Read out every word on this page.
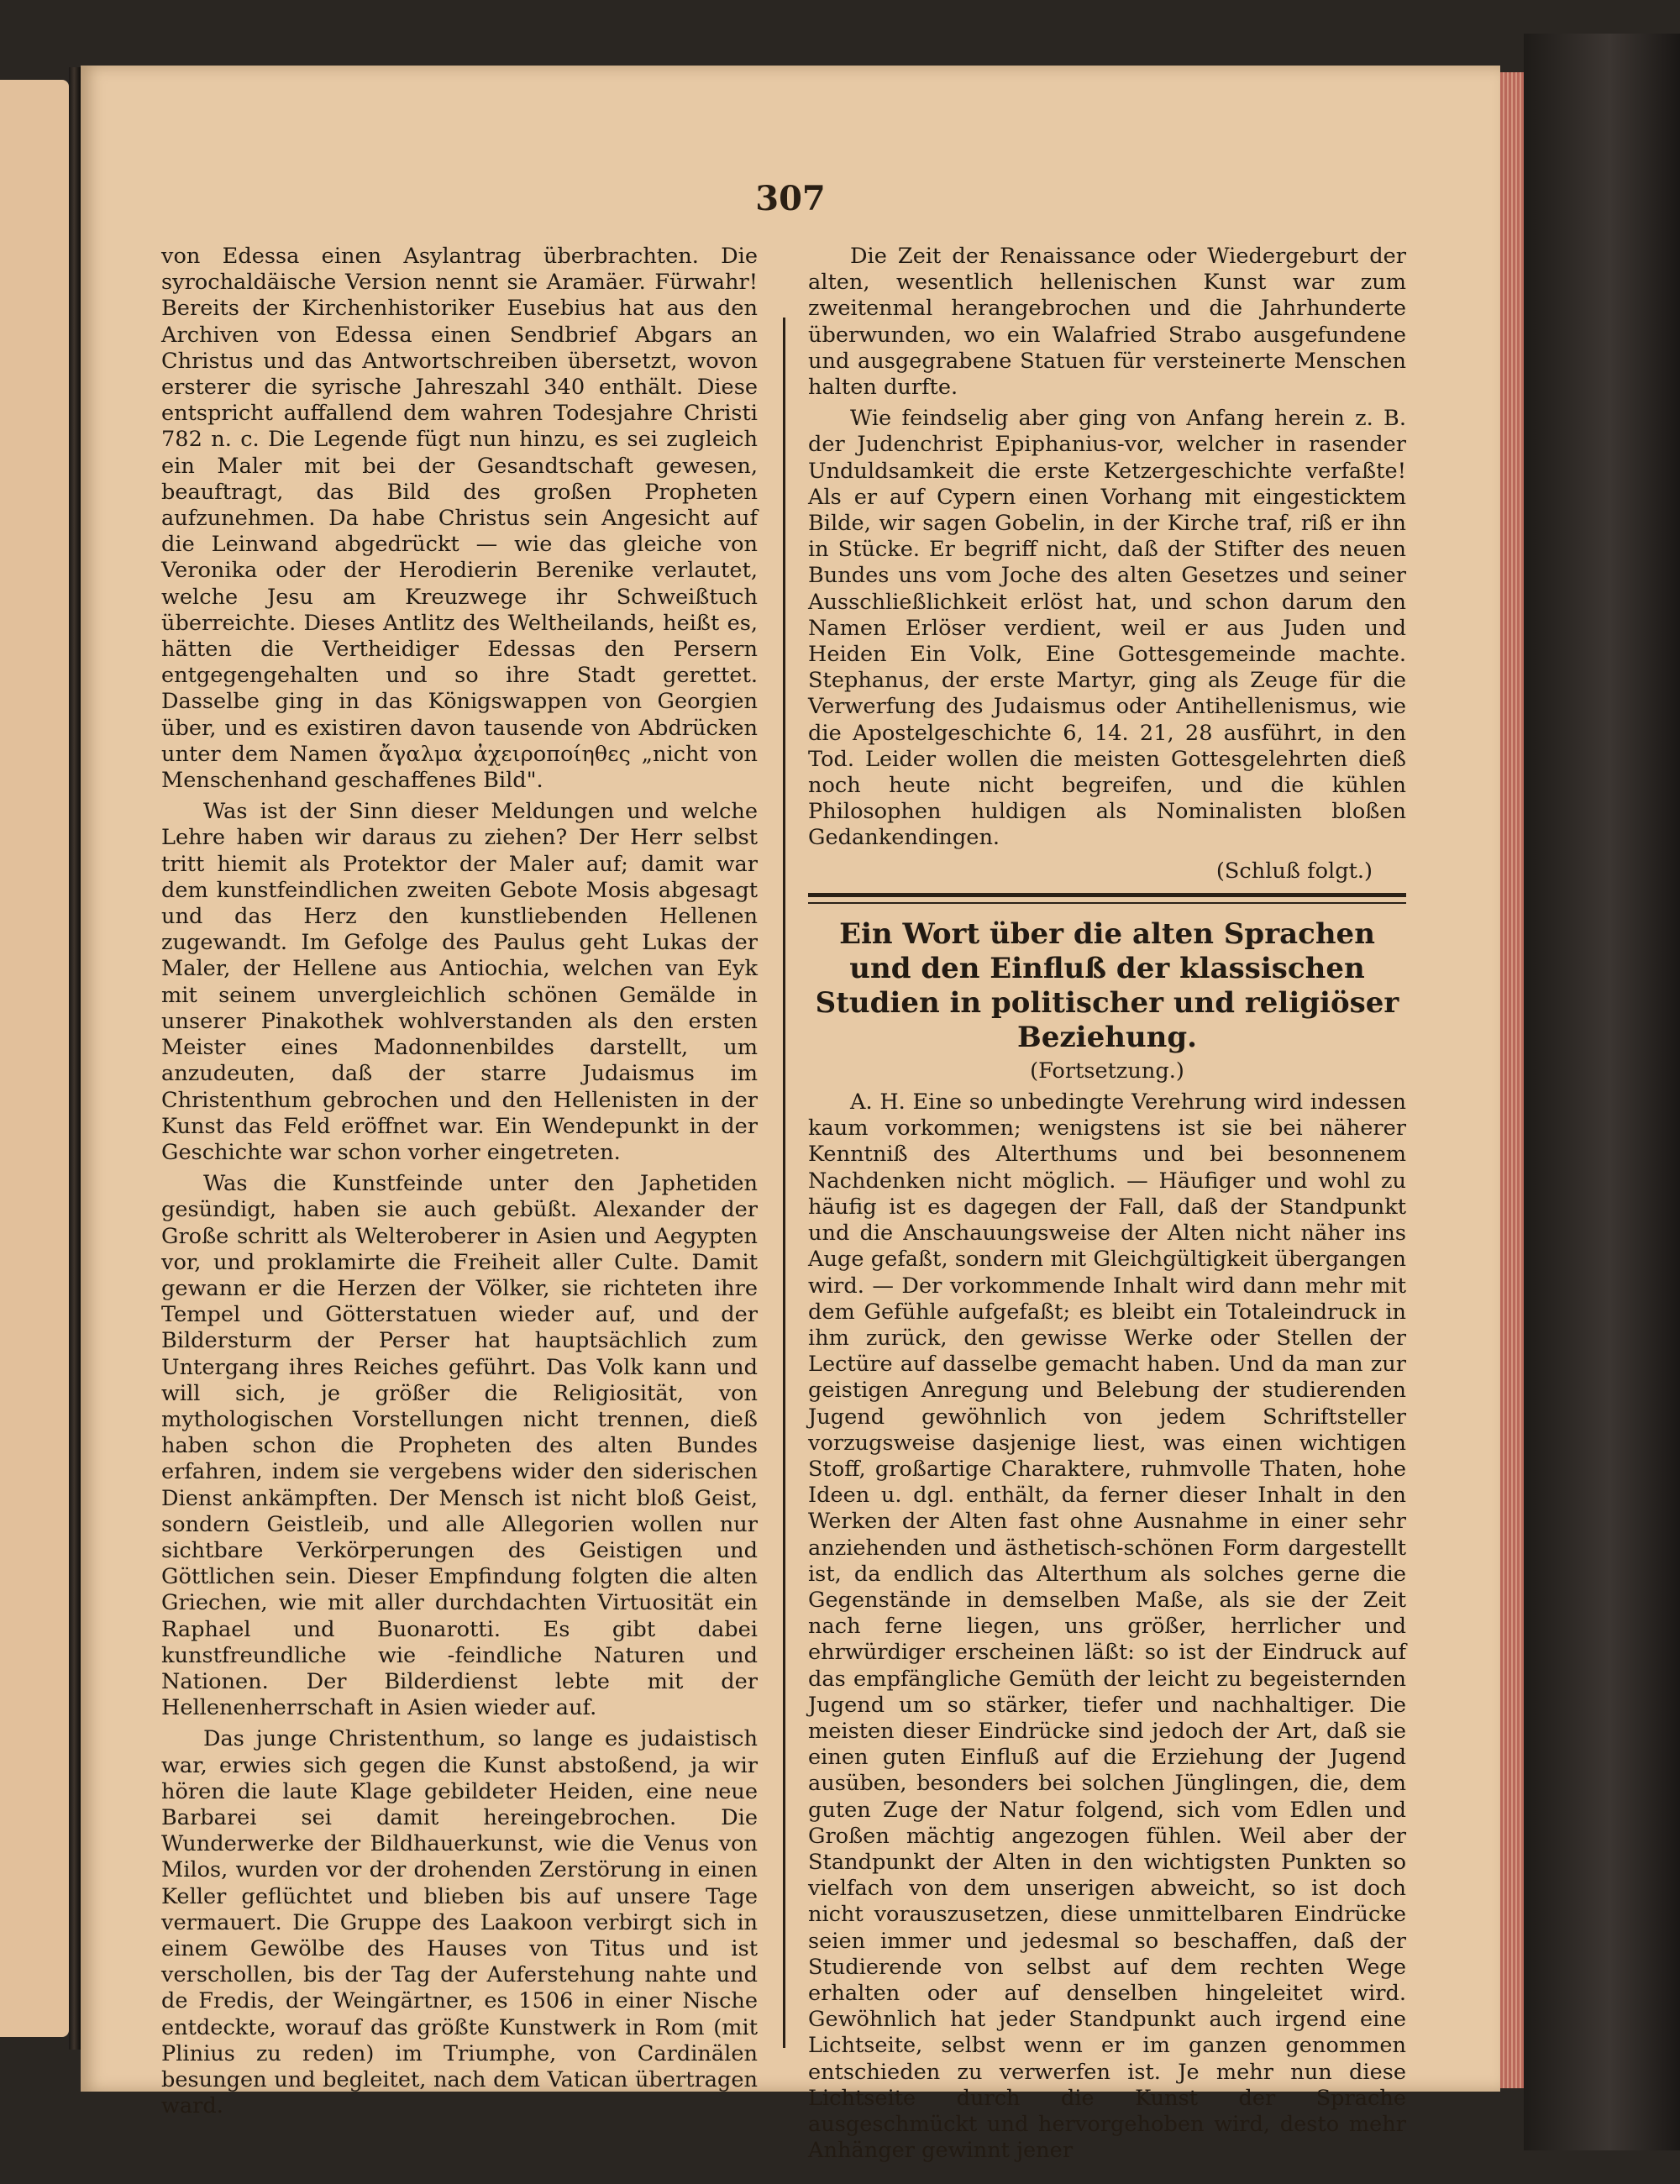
307

von Edessa einen Asylantrag überbrachten. Die syrochaldäische Version nennt sie Aramäer. Fürwahr! Bereits der Kirchenhistoriker Eusebius hat aus den Archiven von Edessa einen Sendbrief Abgars an Christus und das Antwortschreiben übersetzt, wovon ersterer die syrische Jahreszahl 340 enthält. Diese entspricht auffallend dem wahren Todesjahre Christi 782 n. c. Die Legende fügt nun hinzu, es sei zugleich ein Maler mit bei der Gesandtschaft gewesen, beauftragt, das Bild des großen Propheten aufzunehmen. Da habe Christus sein Angesicht auf die Leinwand abgedrückt — wie das gleiche von Veronika oder der Herodierin Berenike verlautet, welche Jesu am Kreuzwege ihr Schweißtuch überreichte. Dieses Antlitz des Weltheilands, heißt es, hätten die Vertheidiger Edessas den Persern entgegengehalten und so ihre Stadt gerettet. Dasselbe ging in das Königswappen von Georgien über, und es existiren davon tausende von Abdrücken unter dem Namen ἄγαλμα ἀχειροποίηθες „nicht von Menschenhand geschaffenes Bild".

Was ist der Sinn dieser Meldungen und welche Lehre haben wir daraus zu ziehen? Der Herr selbst tritt hiemit als Protektor der Maler auf; damit war dem kunstfeindlichen zweiten Gebote Mosis abgesagt und das Herz den kunstliebenden Hellenen zugewandt. Im Gefolge des Paulus geht Lukas der Maler, der Hellene aus Antiochia, welchen van Eyk mit seinem unvergleichlich schönen Gemälde in unserer Pinakothek wohlverstanden als den ersten Meister eines Madonnenbildes darstellt, um anzudeuten, daß der starre Judaismus im Christenthum gebrochen und den Hellenisten in der Kunst das Feld eröffnet war. Ein Wendepunkt in der Geschichte war schon vorher eingetreten.

Was die Kunstfeinde unter den Japhetiden gesündigt, haben sie auch gebüßt. Alexander der Große schritt als Welteroberer in Asien und Aegypten vor, und proklamirte die Freiheit aller Culte. Damit gewann er die Herzen der Völker, sie richteten ihre Tempel und Götterstatuen wieder auf, und der Bildersturm der Perser hat hauptsächlich zum Untergang ihres Reiches geführt. Das Volk kann und will sich, je größer die Religiosität, von mythologischen Vorstellungen nicht trennen, dieß haben schon die Propheten des alten Bundes erfahren, indem sie vergebens wider den siderischen Dienst ankämpften. Der Mensch ist nicht bloß Geist, sondern Geistleib, und alle Allegorien wollen nur sichtbare Verkörperungen des Geistigen und Göttlichen sein. Dieser Empfindung folgten die alten Griechen, wie mit aller durchdachten Virtuosität ein Raphael und Buonarotti. Es gibt dabei kunstfreundliche wie -feindliche Naturen und Nationen. Der Bilderdienst lebte mit der Hellenenherrschaft in Asien wieder auf.

Das junge Christenthum, so lange es judaistisch war, erwies sich gegen die Kunst abstoßend, ja wir hören die laute Klage gebildeter Heiden, eine neue Barbarei sei damit hereingebrochen. Die Wunderwerke der Bildhauerkunst, wie die Venus von Milos, wurden vor der drohenden Zerstörung in einen Keller geflüchtet und blieben bis auf unsere Tage vermauert. Die Gruppe des Laakoon verbirgt sich in einem Gewölbe des Hauses von Titus und ist verschollen, bis der Tag der Auferstehung nahte und de Fredis, der Weingärtner, es 1506 in einer Nische entdeckte, worauf das größte Kunstwerk in Rom (mit Plinius zu reden) im Triumphe, von Cardinälen besungen und begleitet, nach dem Vatican übertragen ward.

Die Zeit der Renaissance oder Wiedergeburt der alten, wesentlich hellenischen Kunst war zum zweitenmal herangebrochen und die Jahrhunderte überwunden, wo ein Walafried Strabo ausgefundene und ausgegrabene Statuen für versteinerte Menschen halten durfte.

Wie feindselig aber ging von Anfang herein z. B. der Judenchrist Epiphanius-vor, welcher in rasender Unduldsamkeit die erste Ketzergeschichte verfaßte! Als er auf Cypern einen Vorhang mit eingesticktem Bilde, wir sagen Gobelin, in der Kirche traf, riß er ihn in Stücke. Er begriff nicht, daß der Stifter des neuen Bundes uns vom Joche des alten Gesetzes und seiner Ausschließlichkeit erlöst hat, und schon darum den Namen Erlöser verdient, weil er aus Juden und Heiden Ein Volk, Eine Gottesgemeinde machte. Stephanus, der erste Martyr, ging als Zeuge für die Verwerfung des Judaismus oder Antihellenismus, wie die Apostelgeschichte 6, 14. 21, 28 ausführt, in den Tod. Leider wollen die meisten Gottesgelehrten dieß noch heute nicht begreifen, und die kühlen Philosophen huldigen als Nominalisten bloßen Gedankendingen.

(Schluß folgt.)
Ein Wort über die alten Sprachen und den Einfluß der klassischen Studien in politischer und religiöser Beziehung.
(Fortsetzung.)

A. H. Eine so unbedingte Verehrung wird indessen kaum vorkommen; wenigstens ist sie bei näherer Kenntniß des Alterthums und bei besonnenem Nachdenken nicht möglich. — Häufiger und wohl zu häufig ist es dagegen der Fall, daß der Standpunkt und die Anschauungsweise der Alten nicht näher ins Auge gefaßt, sondern mit Gleichgültigkeit übergangen wird. — Der vorkommende Inhalt wird dann mehr mit dem Gefühle aufgefaßt; es bleibt ein Totaleindruck in ihm zurück, den gewisse Werke oder Stellen der Lectüre auf dasselbe gemacht haben. Und da man zur geistigen Anregung und Belebung der studierenden Jugend gewöhnlich von jedem Schriftsteller vorzugsweise dasjenige liest, was einen wichtigen Stoff, großartige Charaktere, ruhmvolle Thaten, hohe Ideen u. dgl. enthält, da ferner dieser Inhalt in den Werken der Alten fast ohne Ausnahme in einer sehr anziehenden und ästhetisch-schönen Form dargestellt ist, da endlich das Alterthum als solches gerne die Gegenstände in demselben Maße, als sie der Zeit nach ferne liegen, uns größer, herrlicher und ehrwürdiger erscheinen läßt: so ist der Eindruck auf das empfängliche Gemüth der leicht zu begeisternden Jugend um so stärker, tiefer und nachhaltiger. Die meisten dieser Eindrücke sind jedoch der Art, daß sie einen guten Einfluß auf die Erziehung der Jugend ausüben, besonders bei solchen Jünglingen, die, dem guten Zuge der Natur folgend, sich vom Edlen und Großen mächtig angezogen fühlen. Weil aber der Standpunkt der Alten in den wichtigsten Punkten so vielfach von dem unserigen abweicht, so ist doch nicht vorauszusetzen, diese unmittelbaren Eindrücke seien immer und jedesmal so beschaffen, daß der Studierende von selbst auf dem rechten Wege erhalten oder auf denselben hingeleitet wird. Gewöhnlich hat jeder Standpunkt auch irgend eine Lichtseite, selbst wenn er im ganzen genommen entschieden zu verwerfen ist. Je mehr nun diese Lichtseite durch die Kunst der Sprache ausgeschmückt und hervorgehoben wird, desto mehr Anhänger gewinnt jener
